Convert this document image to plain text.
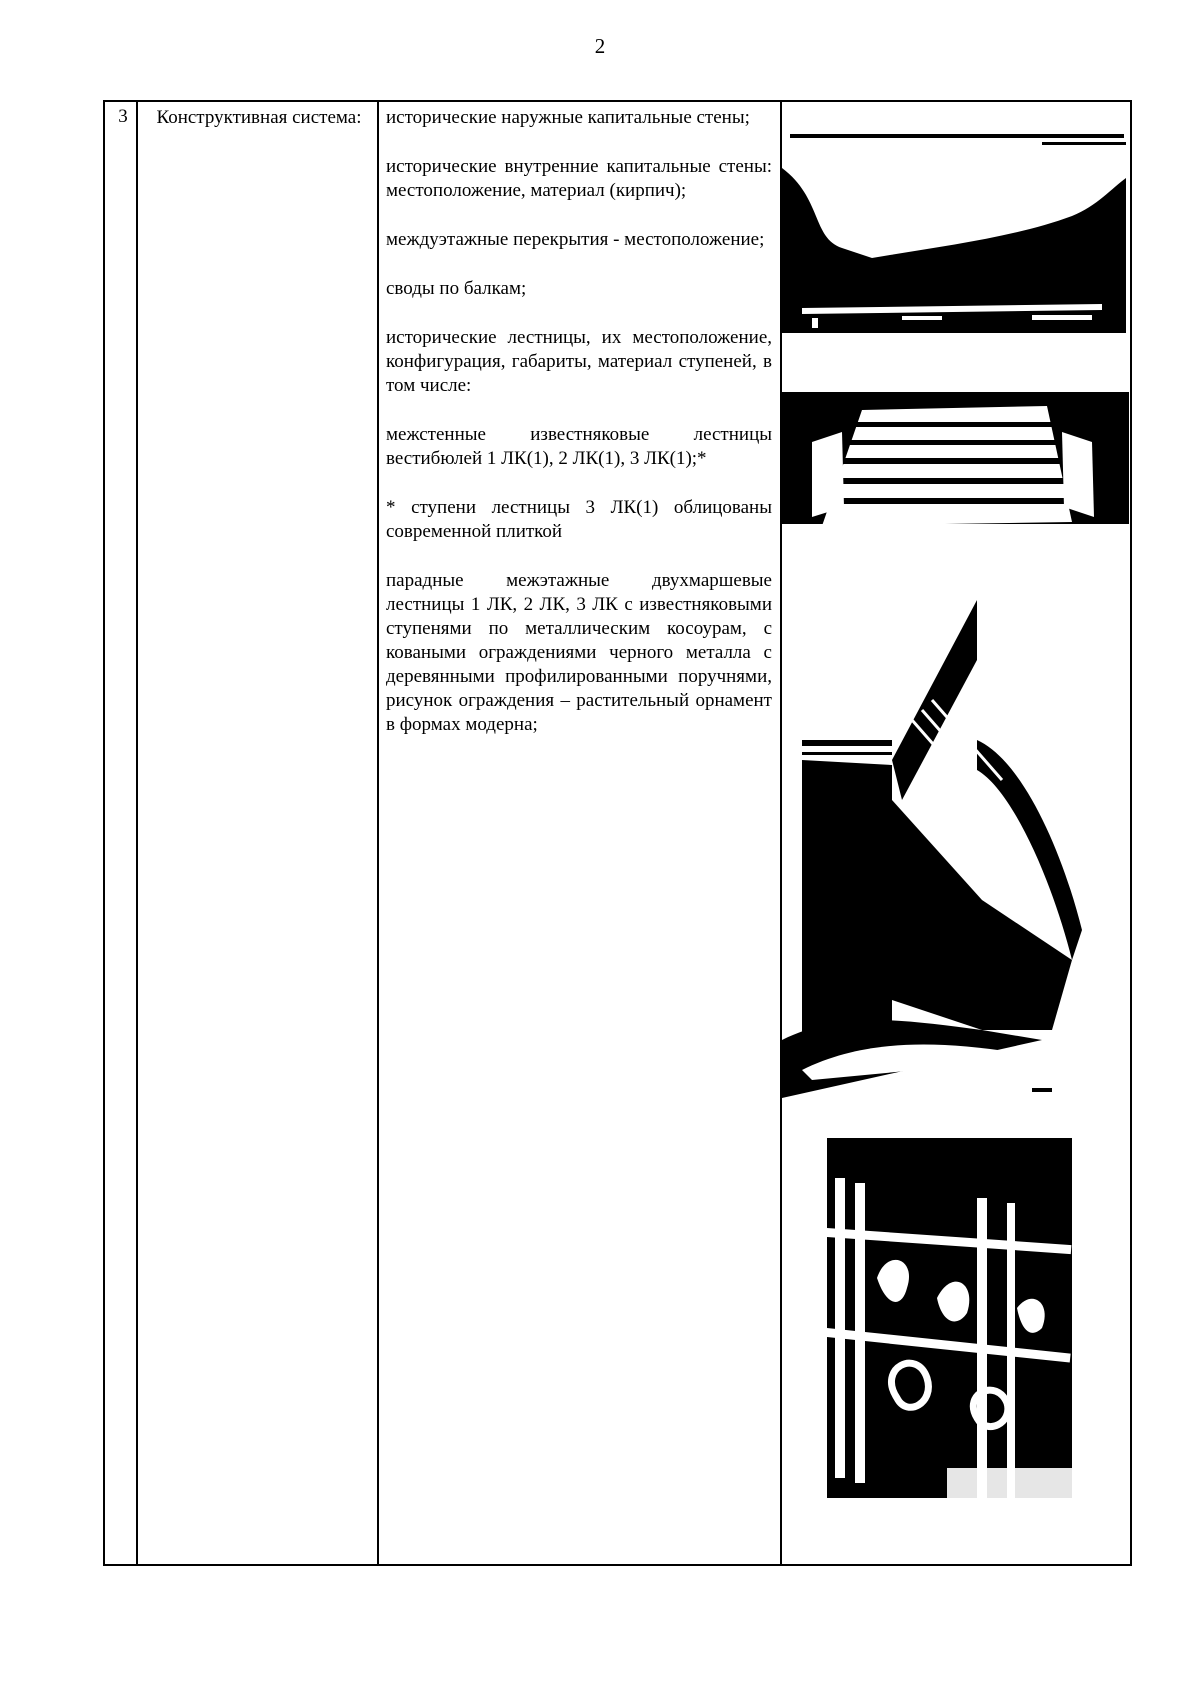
2
3	Конструктивная система:	исторические наружные капитальные стены;

исторические внутренние капитальные стены: местоположение, материал (кирпич);

междуэтажные перекрытия - местоположение;

своды по балкам;

исторические лестницы, их местоположение, конфигурация, габариты, материал ступеней, в том числе:

межстенные известняковые лестницы вестибюлей 1 ЛК(1), 2 ЛК(1), 3 ЛК(1);*

* ступени лестницы 3 ЛК(1) облицованы современной плиткой

парадные межэтажные двухмаршевые лестницы 1 ЛК, 2 ЛК, 3 ЛК с известняковыми ступенями по металлическим косоурам, с коваными ограждениями черного металла с деревянными профилированными поручнями, рисунок ограждения – растительный орнамент в формах модерна;
